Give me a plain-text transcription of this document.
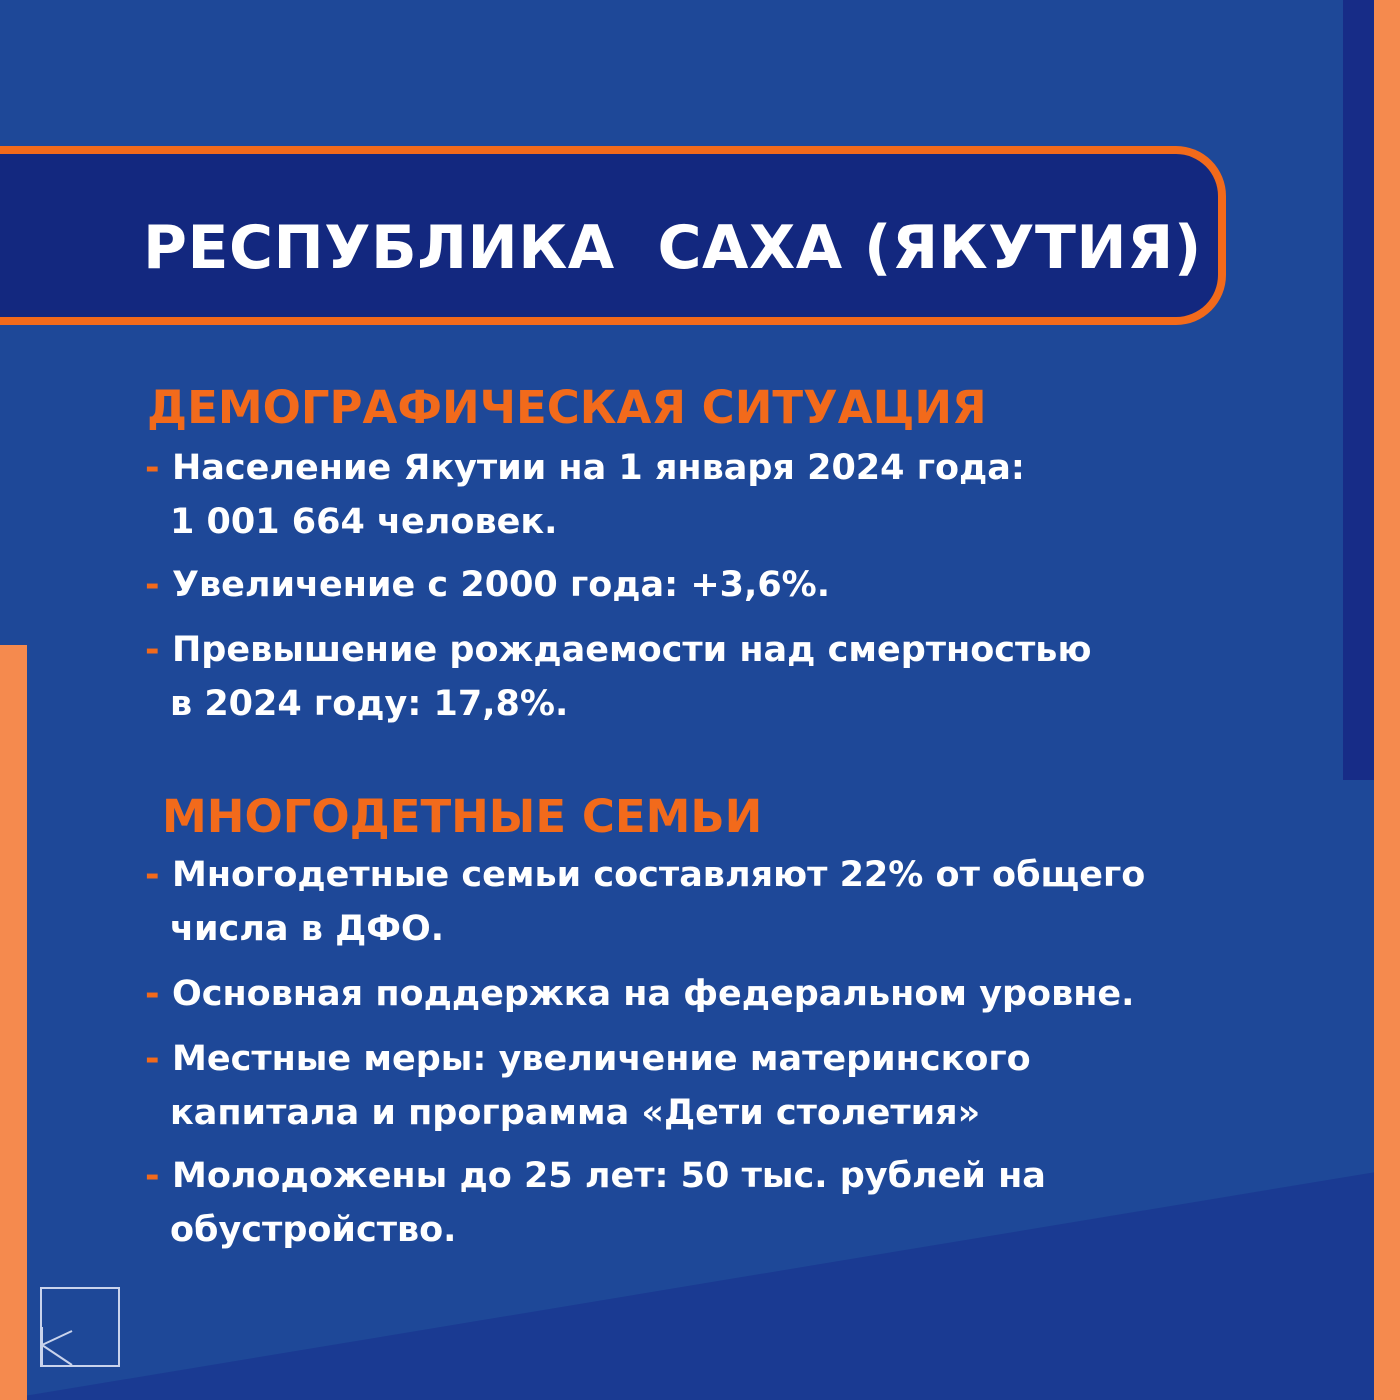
РЕСПУБЛИКА  САХА (ЯКУТИЯ)
ДЕМОГРАФИЧЕСКАЯ СИТУАЦИЯ

- Население Якутии на 1 января 2024 года:
1 001 664 человек.

- Увеличение с 2000 года: +3,6%.

- Превышение рождаемости над смертностью
в 2024 году: 17,8%.

МНОГОДЕТНЫЕ СЕМЬИ

- Многодетные семьи составляют 22% от общего
числа в ДФО.

- Основная поддержка на федеральном уровне.

- Местные меры: увеличение материнского
капитала и программа «Дети столетия»

- Молодожены до 25 лет: 50 тыс. рублей на
обустройство.
